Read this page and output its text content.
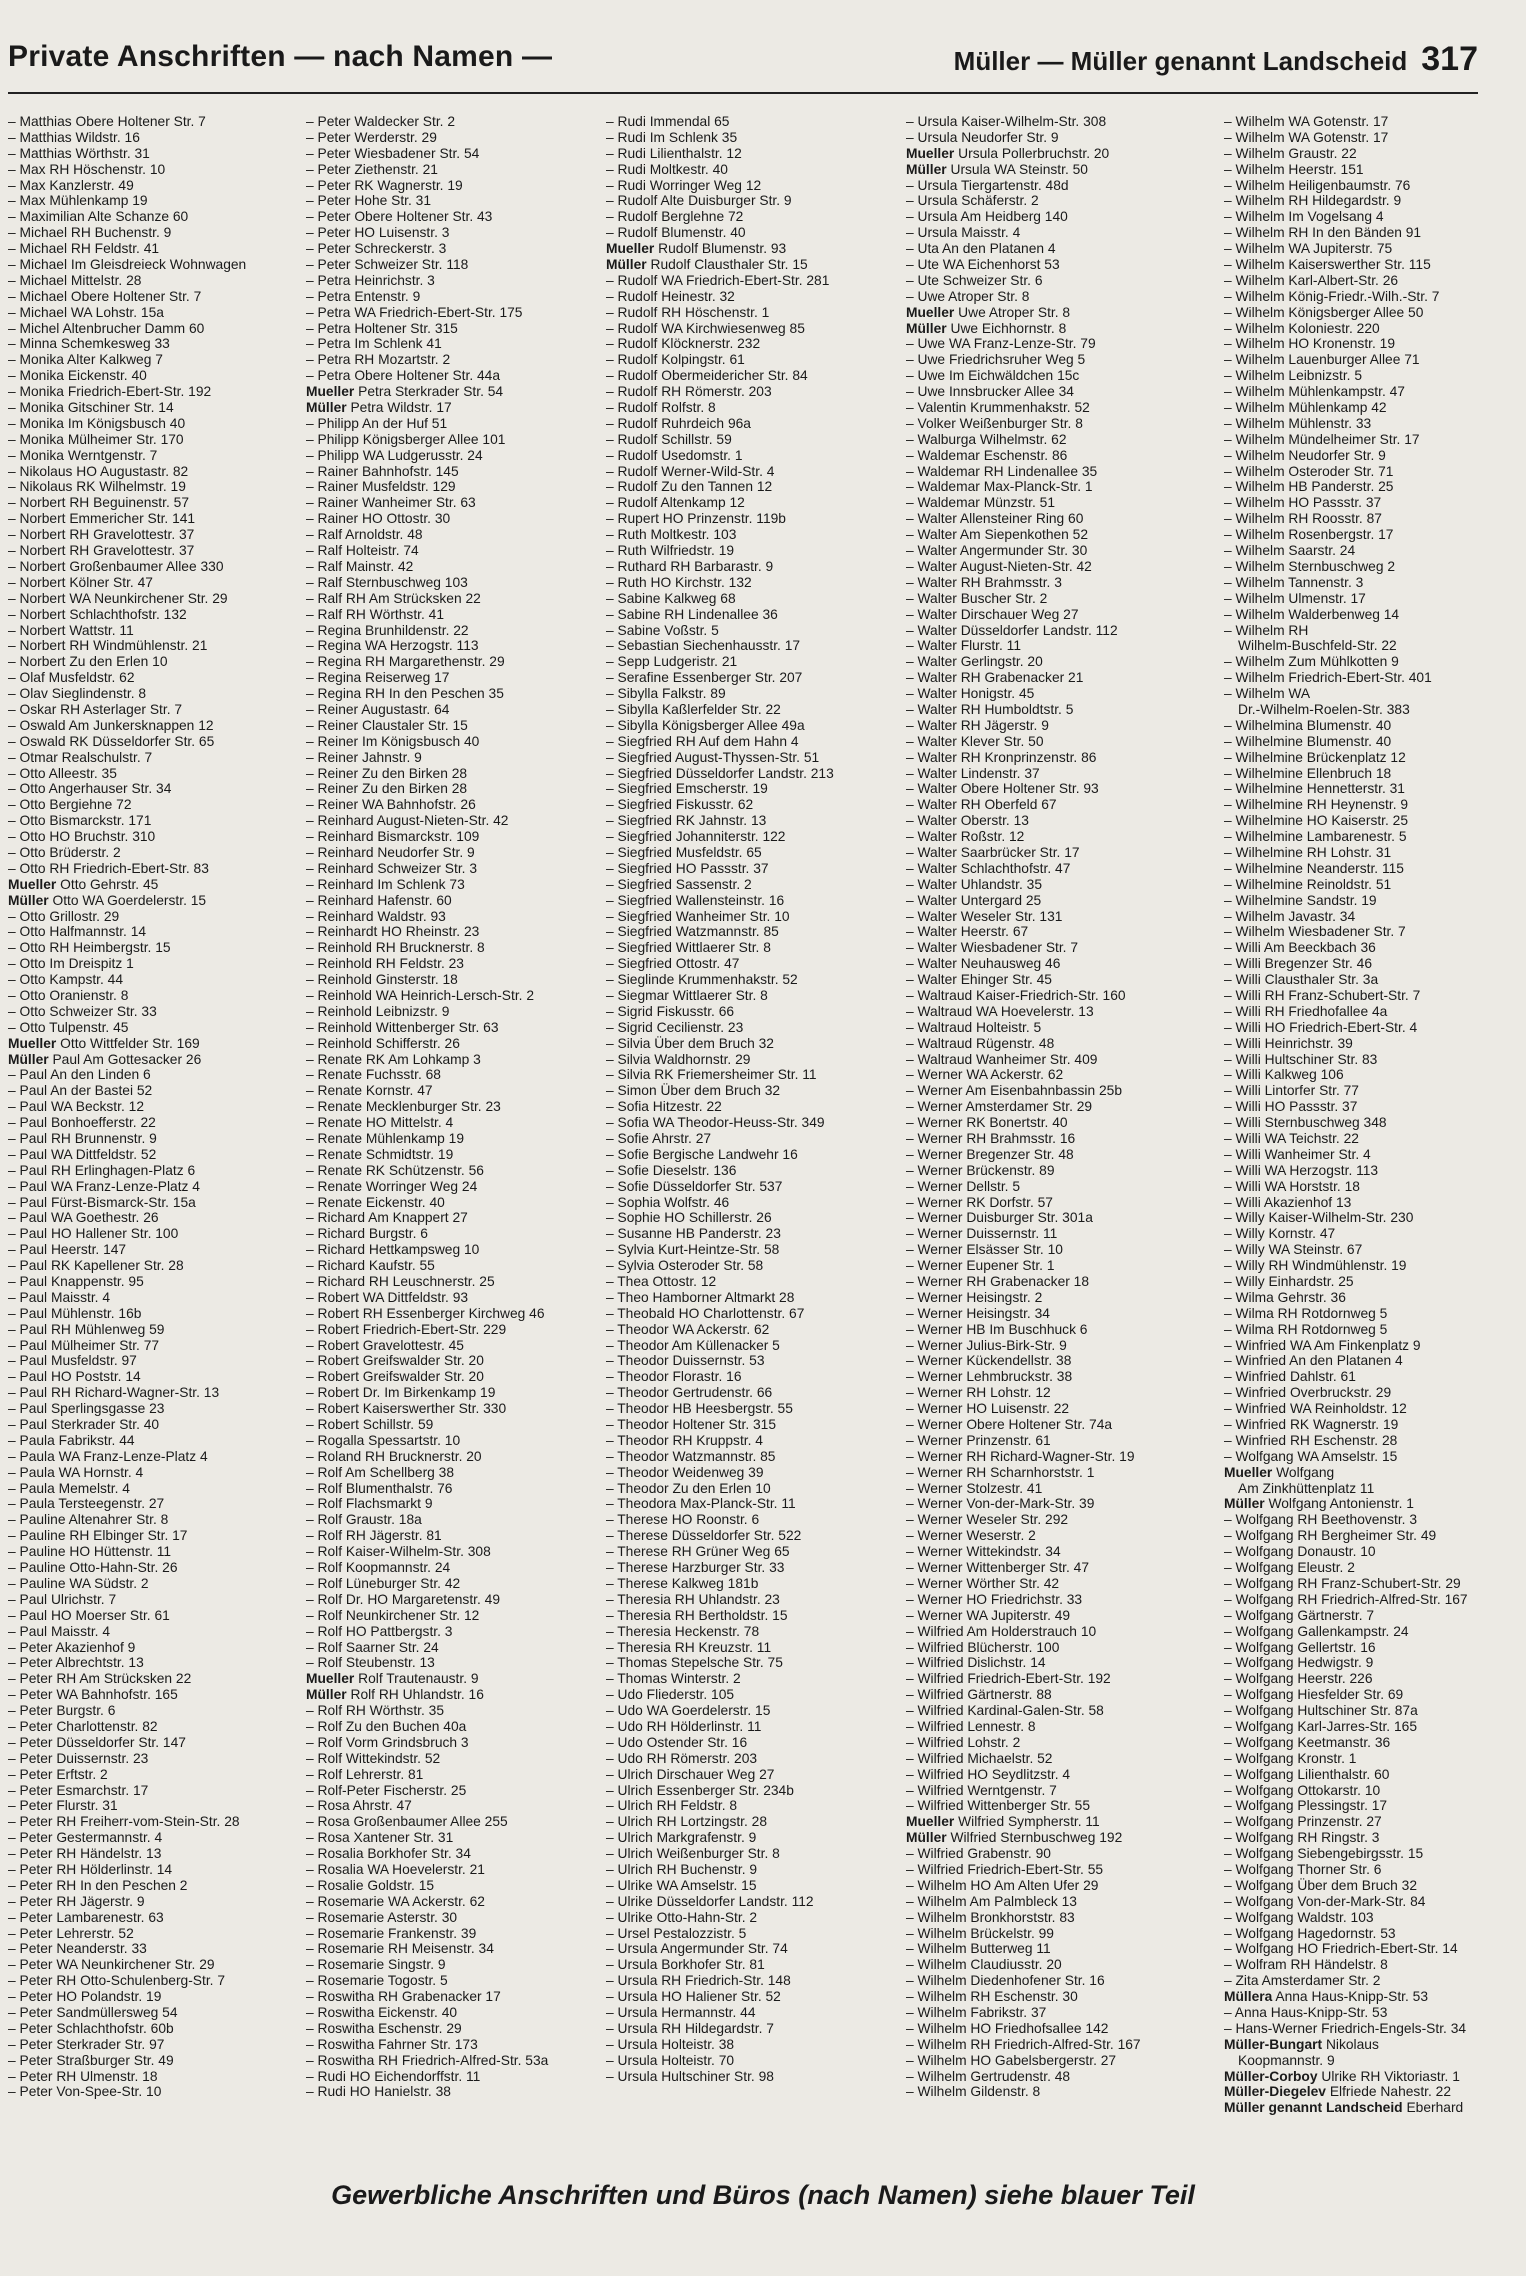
Private Anschriften — nach Namen —	Müller — Müller genannt Landscheid 317
– Matthias Obere Holtener Str. 7
– Matthias Wildstr. 16
– Matthias Wörthstr. 31
– Max RH Höschenstr. 10
– Max Kanzlerstr. 49
– Max Mühlenkamp 19
– Maximilian Alte Schanze 60
– Michael RH Buchenstr. 9
– Michael RH Feldstr. 41
– Michael Im Gleisdreieck Wohnwagen
– Michael Mittelstr. 28
– Michael Obere Holtener Str. 7
– Michael WA Lohstr. 15a
– Michel Altenbrucher Damm 60
– Minna Schemkesweg 33
– Monika Alter Kalkweg 7
– Monika Eickenstr. 40
– Monika Friedrich-Ebert-Str. 192
– Monika Gitschiner Str. 14
– Monika Im Königsbusch 40
– Monika Mülheimer Str. 170
– Monika Werntgenstr. 7
– Nikolaus HO Augustastr. 82
– Nikolaus RK Wilhelmstr. 19
– Norbert RH Beguinenstr. 57
– Norbert Emmericher Str. 141
– Norbert RH Gravelottestr. 37
– Norbert RH Gravelottestr. 37
– Norbert Großenbaumer Allee 330
– Norbert Kölner Str. 47
– Norbert WA Neunkirchener Str. 29
– Norbert Schlachthofstr. 132
– Norbert Wattstr. 11
– Norbert RH Windmühlenstr. 21
– Norbert Zu den Erlen 10
– Olaf Musfeldstr. 62
– Olav Sieglindenstr. 8
– Oskar RH Asterlager Str. 7
– Oswald Am Junkersknappen 12
– Oswald RK Düsseldorfer Str. 65
– Otmar Realschulstr. 7
– Otto Alleestr. 35
– Otto Angerhauser Str. 34
– Otto Bergiehne 72
– Otto Bismarckstr. 171
– Otto HO Bruchstr. 310
– Otto Brüderstr. 2
– Otto RH Friedrich-Ebert-Str. 83
Mueller Otto Gehrstr. 45
Müller Otto WA Goerdelerstr. 15
– Otto Grillostr. 29
– Otto Halfmannstr. 14
– Otto RH Heimbergstr. 15
– Otto Im Dreispitz 1
– Otto Kampstr. 44
– Otto Oranienstr. 8
– Otto Schweizer Str. 33
– Otto Tulpenstr. 45
Mueller Otto Wittfelder Str. 169
Müller Paul Am Gottesacker 26
– Paul An den Linden 6
– Paul An der Bastei 52
– Paul WA Beckstr. 12
– Paul Bonhoefferstr. 22
– Paul RH Brunnenstr. 9
– Paul WA Dittfeldstr. 52
– Paul RH Erlinghagen-Platz 6
– Paul WA Franz-Lenze-Platz 4
– Paul Fürst-Bismarck-Str. 15a
– Paul WA Goethestr. 26
– Paul HO Hallener Str. 100
– Paul Heerstr. 147
– Paul RK Kapellener Str. 28
– Paul Knappenstr. 95
– Paul Maisstr. 4
– Paul Mühlenstr. 16b
– Paul RH Mühlenweg 59
– Paul Mülheimer Str. 77
– Paul Musfeldstr. 97
– Paul HO Poststr. 14
– Paul RH Richard-Wagner-Str. 13
– Paul Sperlingsgasse 23
– Paul Sterkrader Str. 40
– Paula Fabrikstr. 44
– Paula WA Franz-Lenze-Platz 4
– Paula WA Hornstr. 4
– Paula Memelstr. 4
– Paula Tersteegenstr. 27
– Pauline Altenahrer Str. 8
– Pauline RH Elbinger Str. 17
– Pauline HO Hüttenstr. 11
– Pauline Otto-Hahn-Str. 26
– Pauline WA Südstr. 2
– Paul Ulrichstr. 7
– Paul HO Moerser Str. 61
– Paul Maisstr. 4
– Peter Akazienhof 9
– Peter Albrechtstr. 13
– Peter RH Am Strücksken 22
– Peter WA Bahnhofstr. 165
– Peter Burgstr. 6
– Peter Charlottenstr. 82
– Peter Düsseldorfer Str. 147
– Peter Duissernstr. 23
– Peter Erftstr. 2
– Peter Esmarchstr. 17
– Peter Flurstr. 31
– Peter RH Freiherr-vom-Stein-Str. 28
– Peter Gestermannstr. 4
– Peter RH Händelstr. 13
– Peter RH Hölderlinstr. 14
– Peter RH In den Peschen 2
– Peter RH Jägerstr. 9
– Peter Lambarenestr. 63
– Peter Lehrerstr. 52
– Peter Neanderstr. 33
– Peter WA Neunkirchener Str. 29
– Peter RH Otto-Schulenberg-Str. 7
– Peter HO Polandstr. 19
– Peter Sandmüllersweg 54
– Peter Schlachthofstr. 60b
– Peter Sterkrader Str. 97
– Peter Straßburger Str. 49
– Peter RH Ulmenstr. 18
– Peter Von-Spee-Str. 10
– Peter Waldecker Str. 2
– Peter Werderstr. 29
– Peter Wiesbadener Str. 54
– Peter Ziethenstr. 21
– Peter RK Wagnerstr. 19
– Peter Hohe Str. 31
– Peter Obere Holtener Str. 43
– Peter HO Luisenstr. 3
– Peter Schreckerstr. 3
– Peter Schweizer Str. 118
– Petra Heinrichstr. 3
– Petra Entenstr. 9
– Petra WA Friedrich-Ebert-Str. 175
– Petra Holtener Str. 315
– Petra Im Schlenk 41
– Petra RH Mozartstr. 2
– Petra Obere Holtener Str. 44a
Mueller Petra Sterkrader Str. 54
Müller Petra Wildstr. 17
– Philipp An der Huf 51
– Philipp Königsberger Allee 101
– Philipp WA Ludgerusstr. 24
– Rainer Bahnhofstr. 145
– Rainer Musfeldstr. 129
– Rainer Wanheimer Str. 63
– Rainer HO Ottostr. 30
– Ralf Arnoldstr. 48
– Ralf Holteistr. 74
– Ralf Mainstr. 42
– Ralf Sternbuschweg 103
– Ralf RH Am Strücksken 22
– Ralf RH Wörthstr. 41
– Regina Brunhildenstr. 22
– Regina WA Herzogstr. 113
– Regina RH Margarethenstr. 29
– Regina Reiserweg 17
– Regina RH In den Peschen 35
– Reiner Augustastr. 64
– Reiner Claustaler Str. 15
– Reiner Im Königsbusch 40
– Reiner Jahnstr. 9
– Reiner Zu den Birken 28
– Reiner Zu den Birken 28
– Reiner WA Bahnhofstr. 26
– Reinhard August-Nieten-Str. 42
– Reinhard Bismarckstr. 109
– Reinhard Neudorfer Str. 9
– Reinhard Schweizer Str. 3
– Reinhard Im Schlenk 73
– Reinhard Hafenstr. 60
– Reinhard Waldstr. 93
– Reinhardt HO Rheinstr. 23
– Reinhold RH Brucknerstr. 8
– Reinhold RH Feldstr. 23
– Reinhold Ginsterstr. 18
– Reinhold WA Heinrich-Lersch-Str. 2
– Reinhold Leibnizstr. 9
– Reinhold Wittenberger Str. 63
– Reinhold Schifferstr. 26
– Renate RK Am Lohkamp 3
– Renate Fuchsstr. 68
– Renate Kornstr. 47
– Renate Mecklenburger Str. 23
– Renate HO Mittelstr. 4
– Renate Mühlenkamp 19
– Renate Schmidtstr. 19
– Renate RK Schützenstr. 56
– Renate Worringer Weg 24
– Renate Eickenstr. 40
– Richard Am Knappert 27
– Richard Burgstr. 6
– Richard Hettkampsweg 10
– Richard Kaufstr. 55
– Richard RH Leuschnerstr. 25
– Robert WA Dittfeldstr. 93
– Robert RH Essenberger Kirchweg 46
– Robert Friedrich-Ebert-Str. 229
– Robert Gravelottestr. 45
– Robert Greifswalder Str. 20
– Robert Greifswalder Str. 20
– Robert Dr. Im Birkenkamp 19
– Robert Kaiserswerther Str. 330
– Robert Schillstr. 59
– Rogalla Spessartstr. 10
– Roland RH Brucknerstr. 20
– Rolf Am Schellberg 38
– Rolf Blumenthalstr. 76
– Rolf Flachsmarkt 9
– Rolf Graustr. 18a
– Rolf RH Jägerstr. 81
– Rolf Kaiser-Wilhelm-Str. 308
– Rolf Koopmannstr. 24
– Rolf Lüneburger Str. 42
– Rolf Dr. HO Margaretenstr. 49
– Rolf Neunkirchener Str. 12
– Rolf HO Pattbergstr. 3
– Rolf Saarner Str. 24
– Rolf Steubenstr. 13
Mueller Rolf Trautenaustr. 9
Müller Rolf RH Uhlandstr. 16
– Rolf RH Wörthstr. 35
– Rolf Zu den Buchen 40a
– Rolf Vorm Grindsbruch 3
– Rolf Wittekindstr. 52
– Rolf Lehrerstr. 81
– Rolf-Peter Fischerstr. 25
– Rosa Ahrstr. 47
– Rosa Großenbaumer Allee 255
– Rosa Xantener Str. 31
– Rosalia Borkhofer Str. 34
– Rosalia WA Hoevelerstr. 21
– Rosalie Goldstr. 15
– Rosemarie WA Ackerstr. 62
– Rosemarie Asterstr. 30
– Rosemarie Frankenstr. 39
– Rosemarie RH Meisenstr. 34
– Rosemarie Singstr. 9
– Rosemarie Togostr. 5
– Roswitha RH Grabenacker 17
– Roswitha Eickenstr. 40
– Roswitha Eschenstr. 29
– Roswitha Fahrner Str. 173
– Roswitha RH Friedrich-Alfred-Str. 53a
– Rudi HO Eichendorffstr. 11
– Rudi HO Hanielstr. 38
– Rudi Immendal 65
– Rudi Im Schlenk 35
– Rudi Lilienthalstr. 12
– Rudi Moltkestr. 40
– Rudi Worringer Weg 12
– Rudolf Alte Duisburger Str. 9
– Rudolf Berglehne 72
– Rudolf Blumenstr. 40
Mueller Rudolf Blumenstr. 93
Müller Rudolf Clausthaler Str. 15
– Rudolf WA Friedrich-Ebert-Str. 281
– Rudolf Heinestr. 32
– Rudolf RH Höschenstr. 1
– Rudolf WA Kirchwiesenweg 85
– Rudolf Klöcknerstr. 232
– Rudolf Kolpingstr. 61
– Rudolf Obermeidericher Str. 84
– Rudolf RH Römerstr. 203
– Rudolf Rolfstr. 8
– Rudolf Ruhrdeich 96a
– Rudolf Schillstr. 59
– Rudolf Usedomstr. 1
– Rudolf Werner-Wild-Str. 4
– Rudolf Zu den Tannen 12
– Rudolf Altenkamp 12
– Rupert HO Prinzenstr. 119b
– Ruth Moltkestr. 103
– Ruth Wilfriedstr. 19
– Ruthard RH Barbarastr. 9
– Ruth HO Kirchstr. 132
– Sabine Kalkweg 68
– Sabine RH Lindenallee 36
– Sabine Voßstr. 5
– Sebastian Siechenhausstr. 17
– Sepp Ludgeristr. 21
– Serafine Essenberger Str. 207
– Sibylla Falkstr. 89
– Sibylla Kaßlerfelder Str. 22
– Sibylla Königsberger Allee 49a
– Siegfried RH Auf dem Hahn 4
– Siegfried August-Thyssen-Str. 51
– Siegfried Düsseldorfer Landstr. 213
– Siegfried Emscherstr. 19
– Siegfried Fiskusstr. 62
– Siegfried RK Jahnstr. 13
– Siegfried Johanniterstr. 122
– Siegfried Musfeldstr. 65
– Siegfried HO Passstr. 37
– Siegfried Sassenstr. 2
– Siegfried Wallensteinstr. 16
– Siegfried Wanheimer Str. 10
– Siegfried Watzmannstr. 85
– Siegfried Wittlaerer Str. 8
– Siegfried Ottostr. 47
– Sieglinde Krummenhakstr. 52
– Siegmar Wittlaerer Str. 8
– Sigrid Fiskusstr. 66
– Sigrid Cecilienstr. 23
– Silvia Über dem Bruch 32
– Silvia Waldhornstr. 29
– Silvia RK Friemersheimer Str. 11
– Simon Über dem Bruch 32
– Sofia Hitzestr. 22
– Sofia WA Theodor-Heuss-Str. 349
– Sofie Ahrstr. 27
– Sofie Bergische Landwehr 16
– Sofie Dieselstr. 136
– Sofie Düsseldorfer Str. 537
– Sophia Wolfstr. 46
– Sophie HO Schillerstr. 26
– Susanne HB Panderstr. 23
– Sylvia Kurt-Heintze-Str. 58
– Sylvia Osteroder Str. 58
– Thea Ottostr. 12
– Theo Hamborner Altmarkt 28
– Theobald HO Charlottenstr. 67
– Theodor WA Ackerstr. 62
– Theodor Am Küllenacker 5
– Theodor Duissernstr. 53
– Theodor Florastr. 16
– Theodor Gertrudenstr. 66
– Theodor HB Heesbergstr. 55
– Theodor Holtener Str. 315
– Theodor RH Kruppstr. 4
– Theodor Watzmannstr. 85
– Theodor Weidenweg 39
– Theodor Zu den Erlen 10
– Theodora Max-Planck-Str. 11
– Therese HO Roonstr. 6
– Therese Düsseldorfer Str. 522
– Therese RH Grüner Weg 65
– Therese Harzburger Str. 33
– Therese Kalkweg 181b
– Theresia RH Uhlandstr. 23
– Theresia RH Bertholdstr. 15
– Theresia Heckenstr. 78
– Theresia RH Kreuzstr. 11
– Thomas Stepelsche Str. 75
– Thomas Winterstr. 2
– Udo Fliederstr. 105
– Udo WA Goerdelerstr. 15
– Udo RH Hölderlinstr. 11
– Udo Ostender Str. 16
– Udo RH Römerstr. 203
– Ulrich Dirschauer Weg 27
– Ulrich Essenberger Str. 234b
– Ulrich RH Feldstr. 8
– Ulrich RH Lortzingstr. 28
– Ulrich Markgrafenstr. 9
– Ulrich Weißenburger Str. 8
– Ulrich RH Buchenstr. 9
– Ulrike WA Amselstr. 15
– Ulrike Düsseldorfer Landstr. 112
– Ulrike Otto-Hahn-Str. 2
– Ursel Pestalozzistr. 5
– Ursula Angermunder Str. 74
– Ursula Borkhofer Str. 81
– Ursula RH Friedrich-Str. 148
– Ursula HO Haliener Str. 52
– Ursula Hermannstr. 44
– Ursula RH Hildegardstr. 7
– Ursula Holteistr. 38
– Ursula Holteistr. 70
– Ursula Hultschiner Str. 98
– Ursula Kaiser-Wilhelm-Str. 308
– Ursula Neudorfer Str. 9
Mueller Ursula Pollerbruchstr. 20
Müller Ursula WA Steinstr. 50
– Ursula Tiergartenstr. 48d
– Ursula Schäferstr. 2
– Ursula Am Heidberg 140
– Ursula Maisstr. 4
– Uta An den Platanen 4
– Ute WA Eichenhorst 53
– Ute Schweizer Str. 6
– Uwe Atroper Str. 8
Mueller Uwe Atroper Str. 8
Müller Uwe Eichhornstr. 8
– Uwe WA Franz-Lenze-Str. 79
– Uwe Friedrichsruher Weg 5
– Uwe Im Eichwäldchen 15c
– Uwe Innsbrucker Allee 34
– Valentin Krummenhakstr. 52
– Volker Weißenburger Str. 8
– Walburga Wilhelmstr. 62
– Waldemar Eschenstr. 86
– Waldemar RH Lindenallee 35
– Waldemar Max-Planck-Str. 1
– Waldemar Münzstr. 51
– Walter Allensteiner Ring 60
– Walter Am Siepenkothen 52
– Walter Angermunder Str. 30
– Walter August-Nieten-Str. 42
– Walter RH Brahmsstr. 3
– Walter Buscher Str. 2
– Walter Dirschauer Weg 27
– Walter Düsseldorfer Landstr. 112
– Walter Flurstr. 11
– Walter Gerlingstr. 20
– Walter RH Grabenacker 21
– Walter Honigstr. 45
– Walter RH Humboldtstr. 5
– Walter RH Jägerstr. 9
– Walter Klever Str. 50
– Walter RH Kronprinzenstr. 86
– Walter Lindenstr. 37
– Walter Obere Holtener Str. 93
– Walter RH Oberfeld 67
– Walter Oberstr. 13
– Walter Roßstr. 12
– Walter Saarbrücker Str. 17
– Walter Schlachthofstr. 47
– Walter Uhlandstr. 35
– Walter Untergard 25
– Walter Weseler Str. 131
– Walter Heerstr. 67
– Walter Wiesbadener Str. 7
– Walter Neuhausweg 46
– Walter Ehinger Str. 45
– Waltraud Kaiser-Friedrich-Str. 160
– Waltraud WA Hoevelerstr. 13
– Waltraud Holteistr. 5
– Waltraud Rügenstr. 48
– Waltraud Wanheimer Str. 409
– Werner WA Ackerstr. 62
– Werner Am Eisenbahnbassin 25b
– Werner Amsterdamer Str. 29
– Werner RK Bonertstr. 40
– Werner RH Brahmsstr. 16
– Werner Bregenzer Str. 48
– Werner Brückenstr. 89
– Werner Dellstr. 5
– Werner RK Dorfstr. 57
– Werner Duisburger Str. 301a
– Werner Duissernstr. 11
– Werner Elsässer Str. 10
– Werner Eupener Str. 1
– Werner RH Grabenacker 18
– Werner Heisingstr. 2
– Werner Heisingstr. 34
– Werner HB Im Buschhuck 6
– Werner Julius-Birk-Str. 9
– Werner Kückendellstr. 38
– Werner Lehmbruckstr. 38
– Werner RH Lohstr. 12
– Werner HO Luisenstr. 22
– Werner Obere Holtener Str. 74a
– Werner Prinzenstr. 61
– Werner RH Richard-Wagner-Str. 19
– Werner RH Scharnhorststr. 1
– Werner Stolzestr. 41
– Werner Von-der-Mark-Str. 39
– Werner Weseler Str. 292
– Werner Weserstr. 2
– Werner Wittekindstr. 34
– Werner Wittenberger Str. 47
– Werner Wörther Str. 42
– Werner HO Friedrichstr. 33
– Werner WA Jupiterstr. 49
– Wilfried Am Holderstrauch 10
– Wilfried Blücherstr. 100
– Wilfried Dislichstr. 14
– Wilfried Friedrich-Ebert-Str. 192
– Wilfried Gärtnerstr. 88
– Wilfried Kardinal-Galen-Str. 58
– Wilfried Lennestr. 8
– Wilfried Lohstr. 2
– Wilfried Michaelstr. 52
– Wilfried HO Seydlitzstr. 4
– Wilfried Werntgenstr. 7
– Wilfried Wittenberger Str. 55
Mueller Wilfried Sympherstr. 11
Müller Wilfried Sternbuschweg 192
– Wilfried Grabenstr. 90
– Wilfried Friedrich-Ebert-Str. 55
– Wilhelm HO Am Alten Ufer 29
– Wilhelm Am Palmbleck 13
– Wilhelm Bronkhorststr. 83
– Wilhelm Brückelstr. 99
– Wilhelm Butterweg 11
– Wilhelm Claudiusstr. 20
– Wilhelm Diedenhofener Str. 16
– Wilhelm RH Eschenstr. 30
– Wilhelm Fabrikstr. 37
– Wilhelm HO Friedhofsallee 142
– Wilhelm RH Friedrich-Alfred-Str. 167
– Wilhelm HO Gabelsbergerstr. 27
– Wilhelm Gertrudenstr. 48
– Wilhelm Gildenstr. 8
– Wilhelm WA Gotenstr. 17
– Wilhelm WA Gotenstr. 17
– Wilhelm Graustr. 22
– Wilhelm Heerstr. 151
– Wilhelm Heiligenbaumstr. 76
– Wilhelm RH Hildegardstr. 9
– Wilhelm Im Vogelsang 4
– Wilhelm RH In den Bänden 91
– Wilhelm WA Jupiterstr. 75
– Wilhelm Kaiserswerther Str. 115
– Wilhelm Karl-Albert-Str. 26
– Wilhelm König-Friedr.-Wilh.-Str. 7
– Wilhelm Königsberger Allee 50
– Wilhelm Koloniestr. 220
– Wilhelm HO Kronenstr. 19
– Wilhelm Lauenburger Allee 71
– Wilhelm Leibnizstr. 5
– Wilhelm Mühlenkampstr. 47
– Wilhelm Mühlenkamp 42
– Wilhelm Mühlenstr. 33
– Wilhelm Mündelheimer Str. 17
– Wilhelm Neudorfer Str. 9
– Wilhelm Osteroder Str. 71
– Wilhelm HB Panderstr. 25
– Wilhelm HO Passstr. 37
– Wilhelm RH Roosstr. 87
– Wilhelm Rosenbergstr. 17
– Wilhelm Saarstr. 24
– Wilhelm Sternbuschweg 2
– Wilhelm Tannenstr. 3
– Wilhelm Ulmenstr. 17
– Wilhelm Walderbenweg 14
– Wilhelm RH
Wilhelm-Buschfeld-Str. 22
– Wilhelm Zum Mühlkotten 9
– Wilhelm Friedrich-Ebert-Str. 401
– Wilhelm WA
Dr.-Wilhelm-Roelen-Str. 383
– Wilhelmina Blumenstr. 40
– Wilhelmine Blumenstr. 40
– Wilhelmine Brückenplatz 12
– Wilhelmine Ellenbruch 18
– Wilhelmine Hennetterstr. 31
– Wilhelmine RH Heynenstr. 9
– Wilhelmine HO Kaiserstr. 25
– Wilhelmine Lambarenestr. 5
– Wilhelmine RH Lohstr. 31
– Wilhelmine Neanderstr. 115
– Wilhelmine Reinoldstr. 51
– Wilhelmine Sandstr. 19
– Wilhelm Javastr. 34
– Wilhelm Wiesbadener Str. 7
– Willi Am Beeckbach 36
– Willi Bregenzer Str. 46
– Willi Clausthaler Str. 3a
– Willi RH Franz-Schubert-Str. 7
– Willi RH Friedhofallee 4a
– Willi HO Friedrich-Ebert-Str. 4
– Willi Heinrichstr. 39
– Willi Hultschiner Str. 83
– Willi Kalkweg 106
– Willi Lintorfer Str. 77
– Willi HO Passstr. 37
– Willi Sternbuschweg 348
– Willi WA Teichstr. 22
– Willi Wanheimer Str. 4
– Willi WA Herzogstr. 113
– Willi WA Horststr. 18
– Willi Akazienhof 13
– Willy Kaiser-Wilhelm-Str. 230
– Willy Kornstr. 47
– Willy WA Steinstr. 67
– Willy RH Windmühlenstr. 19
– Willy Einhardstr. 25
– Wilma Gehrstr. 36
– Wilma RH Rotdornweg 5
– Wilma RH Rotdornweg 5
– Winfried WA Am Finkenplatz 9
– Winfried An den Platanen 4
– Winfried Dahlstr. 61
– Winfried Overbruckstr. 29
– Winfried WA Reinholdstr. 12
– Winfried RK Wagnerstr. 19
– Winfried RH Eschenstr. 28
– Wolfgang WA Amselstr. 15
Mueller Wolfgang
Am Zinkhüttenplatz 11
Müller Wolfgang Antonienstr. 1
– Wolfgang RH Beethovenstr. 3
– Wolfgang RH Bergheimer Str. 49
– Wolfgang Donaustr. 10
– Wolfgang Eleustr. 2
– Wolfgang RH Franz-Schubert-Str. 29
– Wolfgang RH Friedrich-Alfred-Str. 167
– Wolfgang Gärtnerstr. 7
– Wolfgang Gallenkampstr. 24
– Wolfgang Gellertstr. 16
– Wolfgang Hedwigstr. 9
– Wolfgang Heerstr. 226
– Wolfgang Hiesfelder Str. 69
– Wolfgang Hultschiner Str. 87a
– Wolfgang Karl-Jarres-Str. 165
– Wolfgang Keetmanstr. 36
– Wolfgang Kronstr. 1
– Wolfgang Lilienthalstr. 60
– Wolfgang Ottokarstr. 10
– Wolfgang Plessingstr. 17
– Wolfgang Prinzenstr. 27
– Wolfgang RH Ringstr. 3
– Wolfgang Siebengebirgsstr. 15
– Wolfgang Thorner Str. 6
– Wolfgang Über dem Bruch 32
– Wolfgang Von-der-Mark-Str. 84
– Wolfgang Waldstr. 103
– Wolfgang Hagedornstr. 53
– Wolfgang HO Friedrich-Ebert-Str. 14
– Wolfram RH Händelstr. 8
– Zita Amsterdamer Str. 2
Müllera Anna Haus-Knipp-Str. 53
– Anna Haus-Knipp-Str. 53
– Hans-Werner Friedrich-Engels-Str. 34
Müller-Bungart Nikolaus
Koopmannstr. 9
Müller-Corboy Ulrike RH Viktoriastr. 1
Müller-Diegelev Elfriede Nahestr. 22
Müller genannt Landscheid Eberhard
Gewerbliche Anschriften und Büros (nach Namen) siehe blauer Teil
